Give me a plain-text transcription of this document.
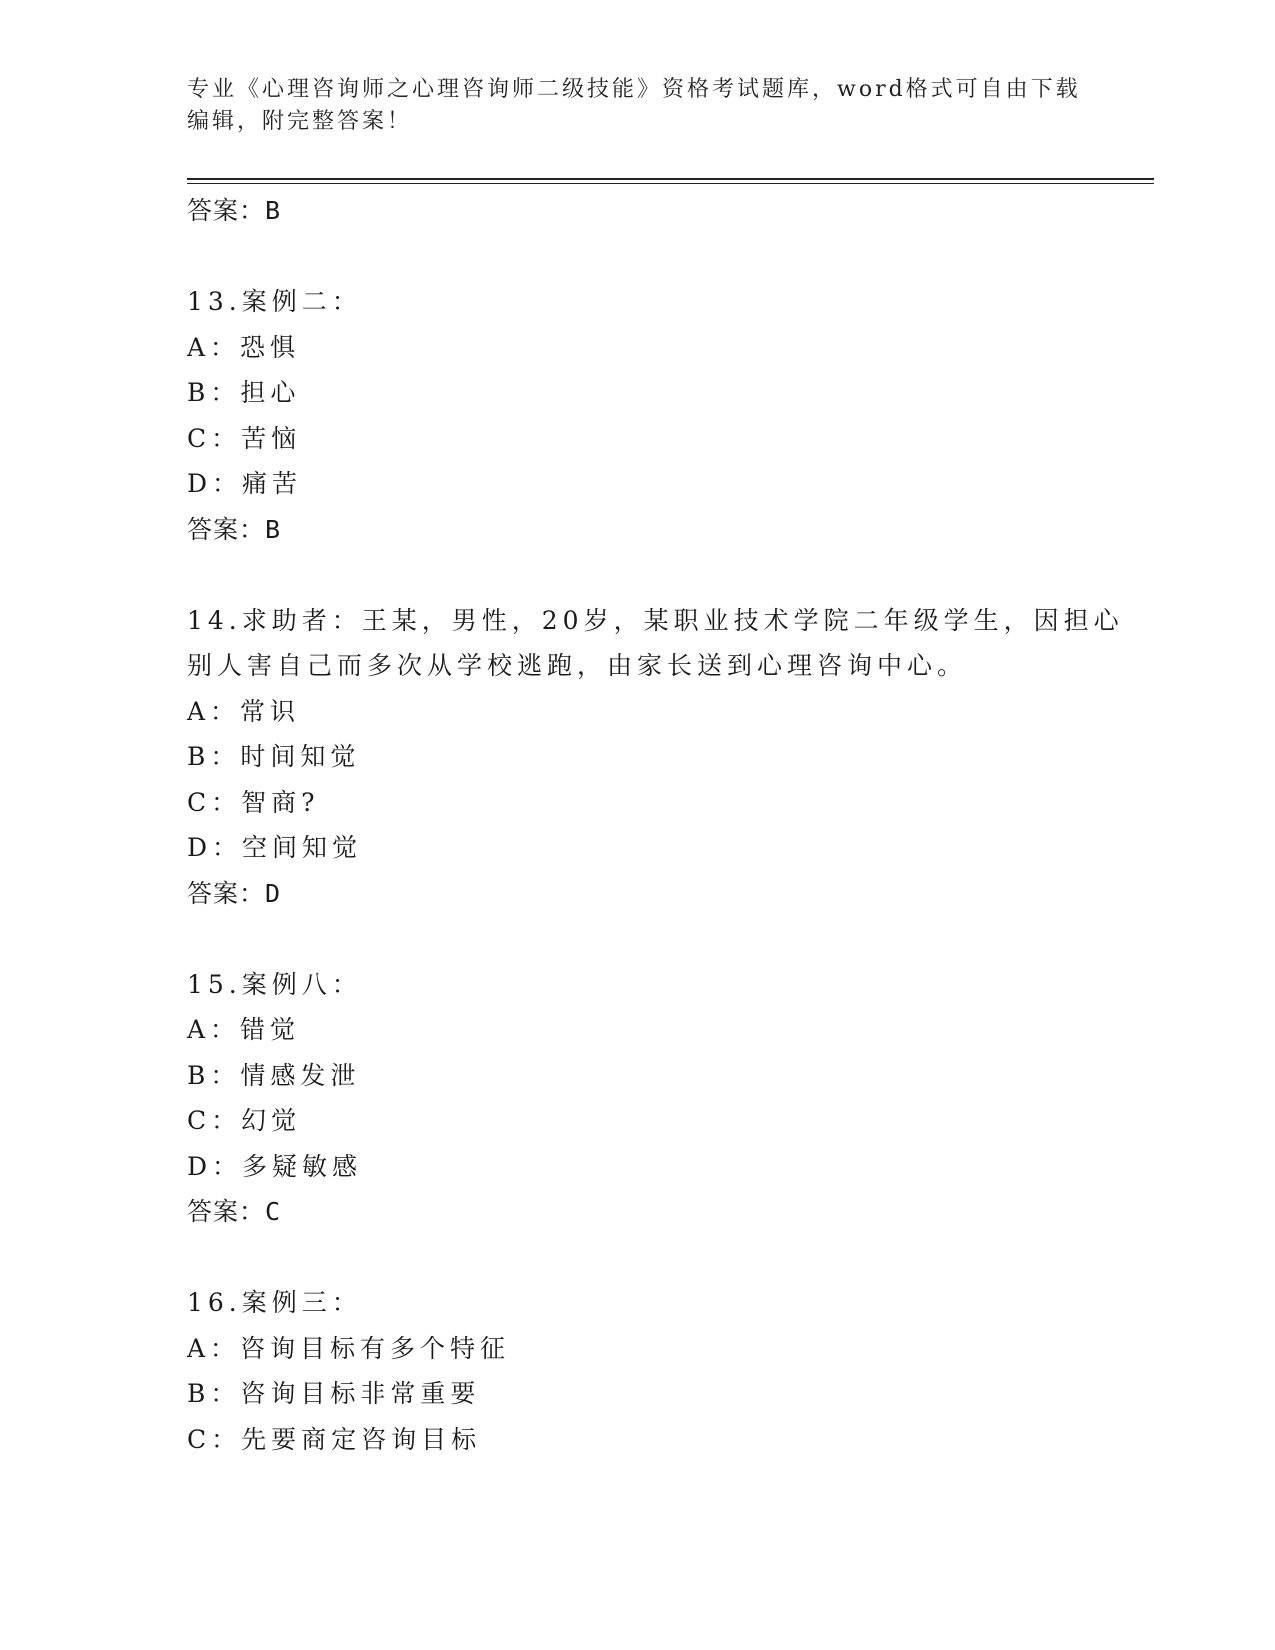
专业《心理咨询师之心理咨询师二级技能》资格考试题库，word格式可自由下载
编辑，附完整答案！
答案：B
13.案例二：
A：恐惧
B：担心
C：苦恼
D：痛苦
答案：B
14.求助者：王某，男性，20岁，某职业技术学院二年级学生，因担心
别人害自己而多次从学校逃跑，由家长送到心理咨询中心。
A：常识
B：时间知觉
C：智商?
D：空间知觉
答案：D
15.案例八：
A：错觉
B：情感发泄
C：幻觉
D：多疑敏感
答案：C
16.案例三：
A：咨询目标有多个特征
B：咨询目标非常重要
C：先要商定咨询目标
